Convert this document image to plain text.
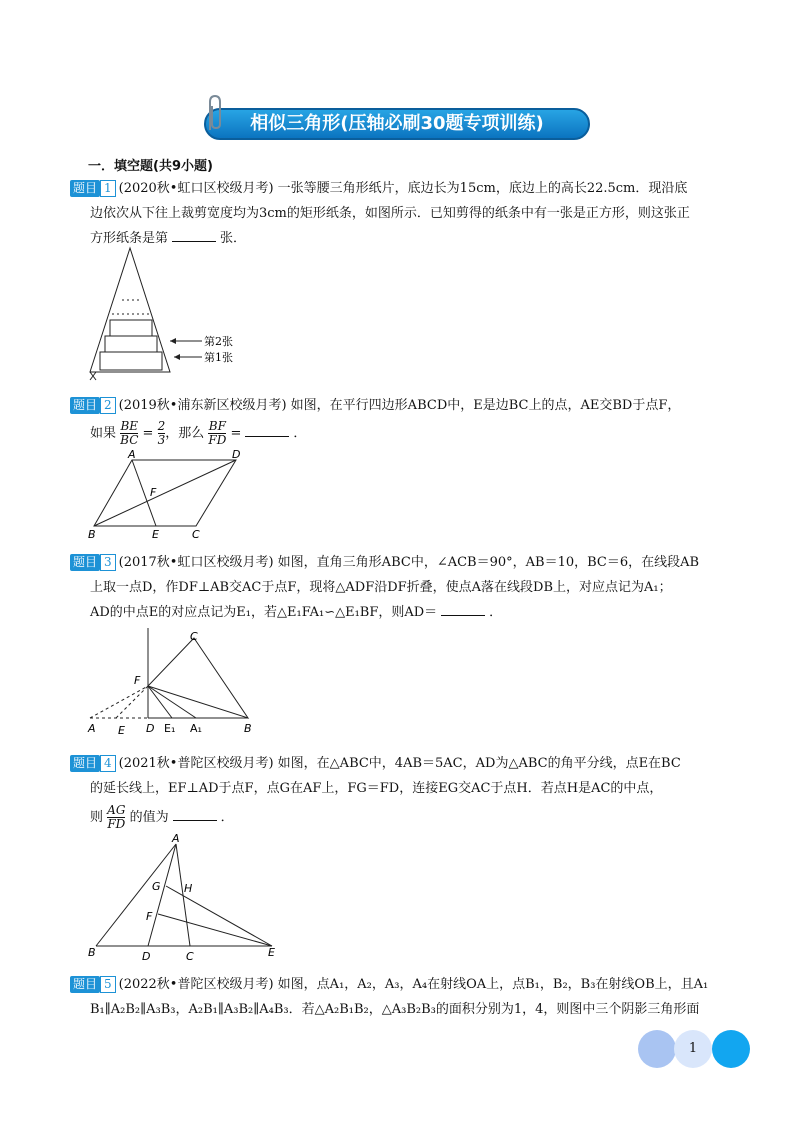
相似三角形(压轴必刷30题专项训练)
一．填空题(共9小题)
题目 1 (2020秋•虹口区校级月考) 一张等腰三角形纸片，底边长为15cm，底边上的高长22.5cm．现沿底
边依次从下往上裁剪宽度均为3cm的矩形纸条，如图所示．已知剪得的纸条中有一张是正方形，则这张正
方形纸条是第	张．
第2张
第1张
题目 2 (2019秋•浦东新区校级月考) 如图，在平行四边形ABCD中，E是边BC上的点，AE交BD于点F，
如果 $\frac{BE}{BC} = \frac{2}{3}$ ，那么 $\frac{BF}{FD}$ =	．
A	D
F
B	E	C
题目 3 (2017秋•虹口区校级月考) 如图，直角三角形ABC中，∠ACB＝90°，AB＝10，BC＝6，在线段AB
上取一点D，作DF⊥AB交AC于点F，现将△ADF沿DF折叠，使点A落在线段DB上，对应点记为A₁；
AD的中点E的对应点记为E₁，若△E₁FA₁∽△E₁BF，则AD＝	．
C
F
A E D E₁ A₁	B
题目 4 (2021秋•普陀区校级月考) 如图，在△ABC中，4AB＝5AC，AD为△ABC的角平分线，点E在BC
的延长线上，EF⊥AD于点F，点G在AF上，FG＝FD，连接EG交AC于点H．若点H是AC的中点，
则 $\frac{AG}{FD}$ 的值为	．
A
G H
F
B	D	C	E
题目 5 (2022秋•普陀区校级月考) 如图，点A₁，A₂，A₃，A₄在射线OA上，点B₁，B₂，B₃在射线OB上，且A₁
B₁∥A₂B₂∥A₃B₃，A₂B₁∥A₃B₂∥A₄B₃．若△A₂B₁B₂，△A₃B₂B₃的面积分别为1，4，则图中三个阴影三角形面
1
